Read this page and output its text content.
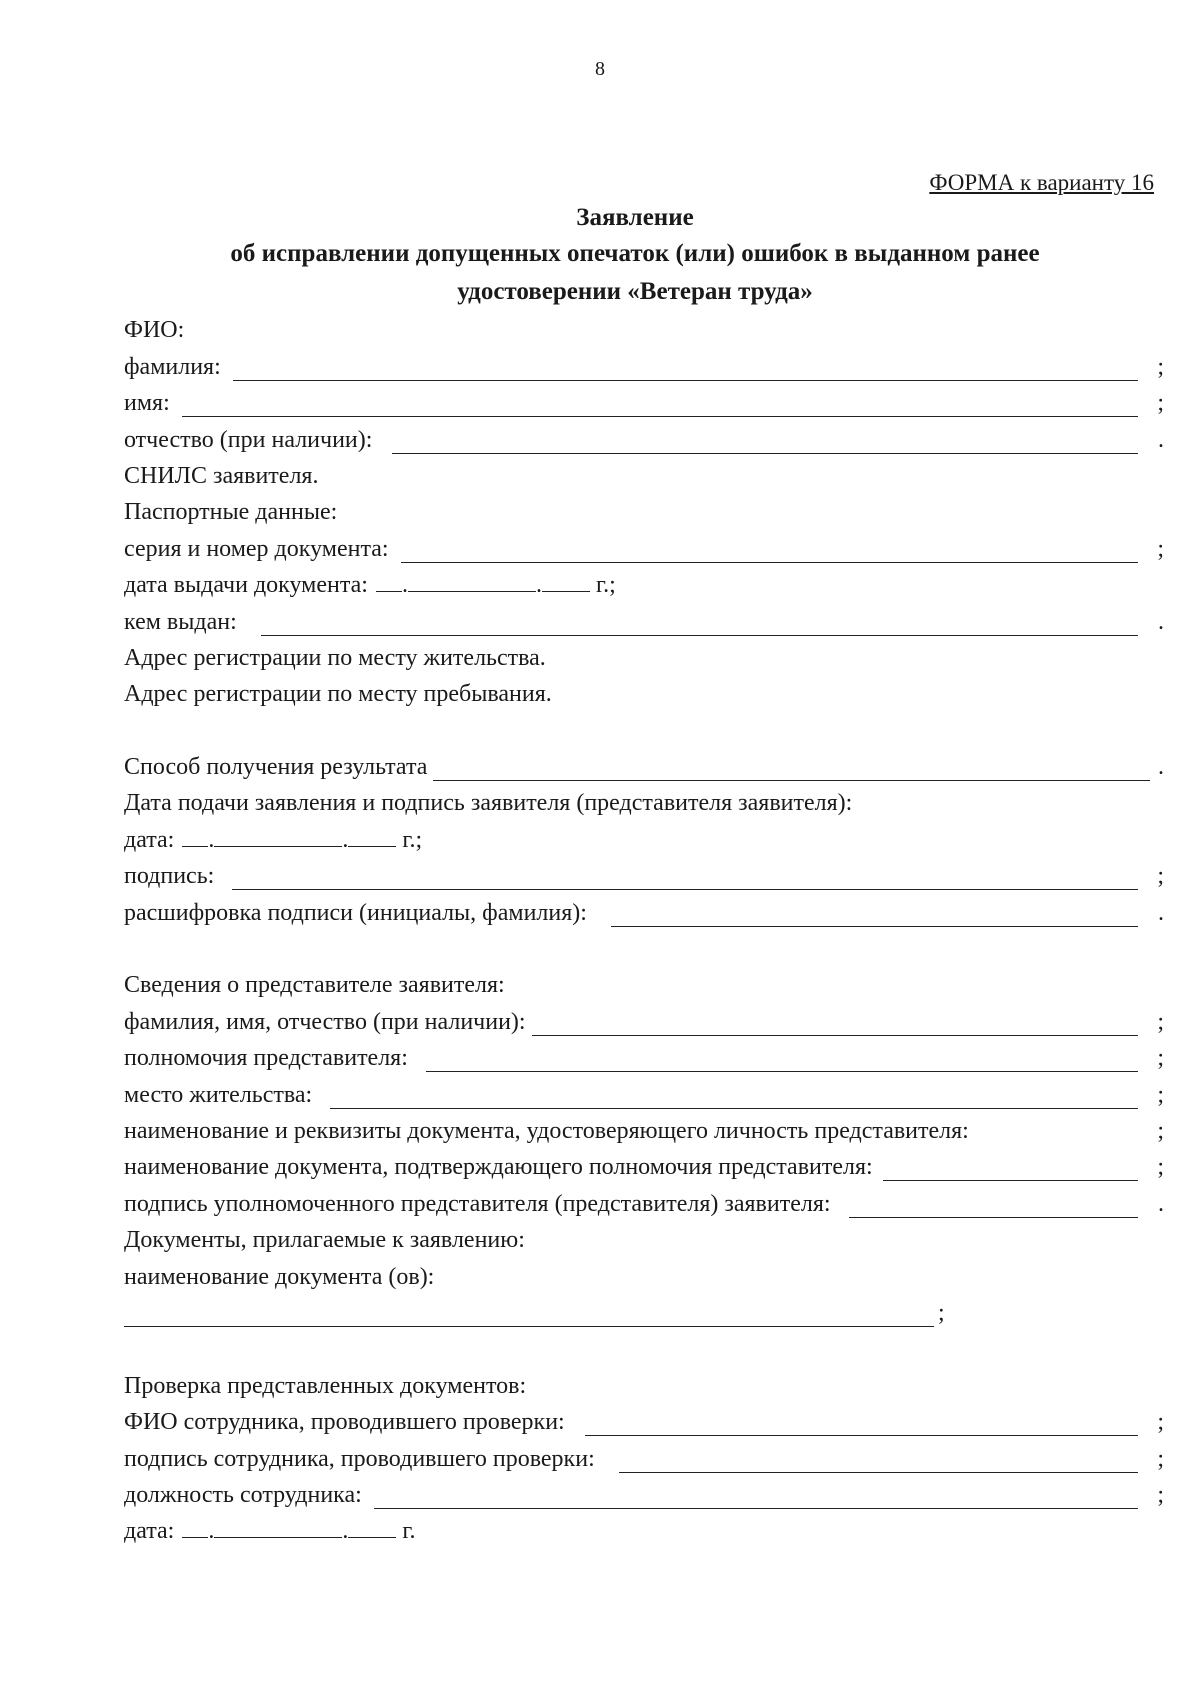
8
ФОРМА к варианту 16
Заявление
об исправлении допущенных опечаток (или) ошибок в выданном ранее
удостоверении «Ветеран труда»
ФИО:
фамилия:	;
имя:	;
отчество (при наличии):	.
СНИЛС заявителя.
Паспортные данные:
серия и номер документа:	;
дата выдачи документа:	.	. г.;
кем выдан:	.
Адрес регистрации по месту жительства.
Адрес регистрации по месту пребывания.
Способ получения результата	.
Дата подачи заявления и подпись заявителя (представителя заявителя):
дата:	.	. г.;
подпись:	;
расшифровка подписи (инициалы, фамилия):	.
Сведения о представителе заявителя:
фамилия, имя, отчество (при наличии):	;
полномочия представителя:	;
место жительства:	;
наименование и реквизиты документа, удостоверяющего личность представителя:	;
наименование документа, подтверждающего полномочия представителя:	;
подпись уполномоченного представителя (представителя) заявителя:	.
Документы, прилагаемые к заявлению:
наименование документа (ов):
;
Проверка представленных документов:
ФИО сотрудника, проводившего проверки:	;
подпись сотрудника, проводившего проверки:	;
должность сотрудника:	;
дата:	.	. г.
